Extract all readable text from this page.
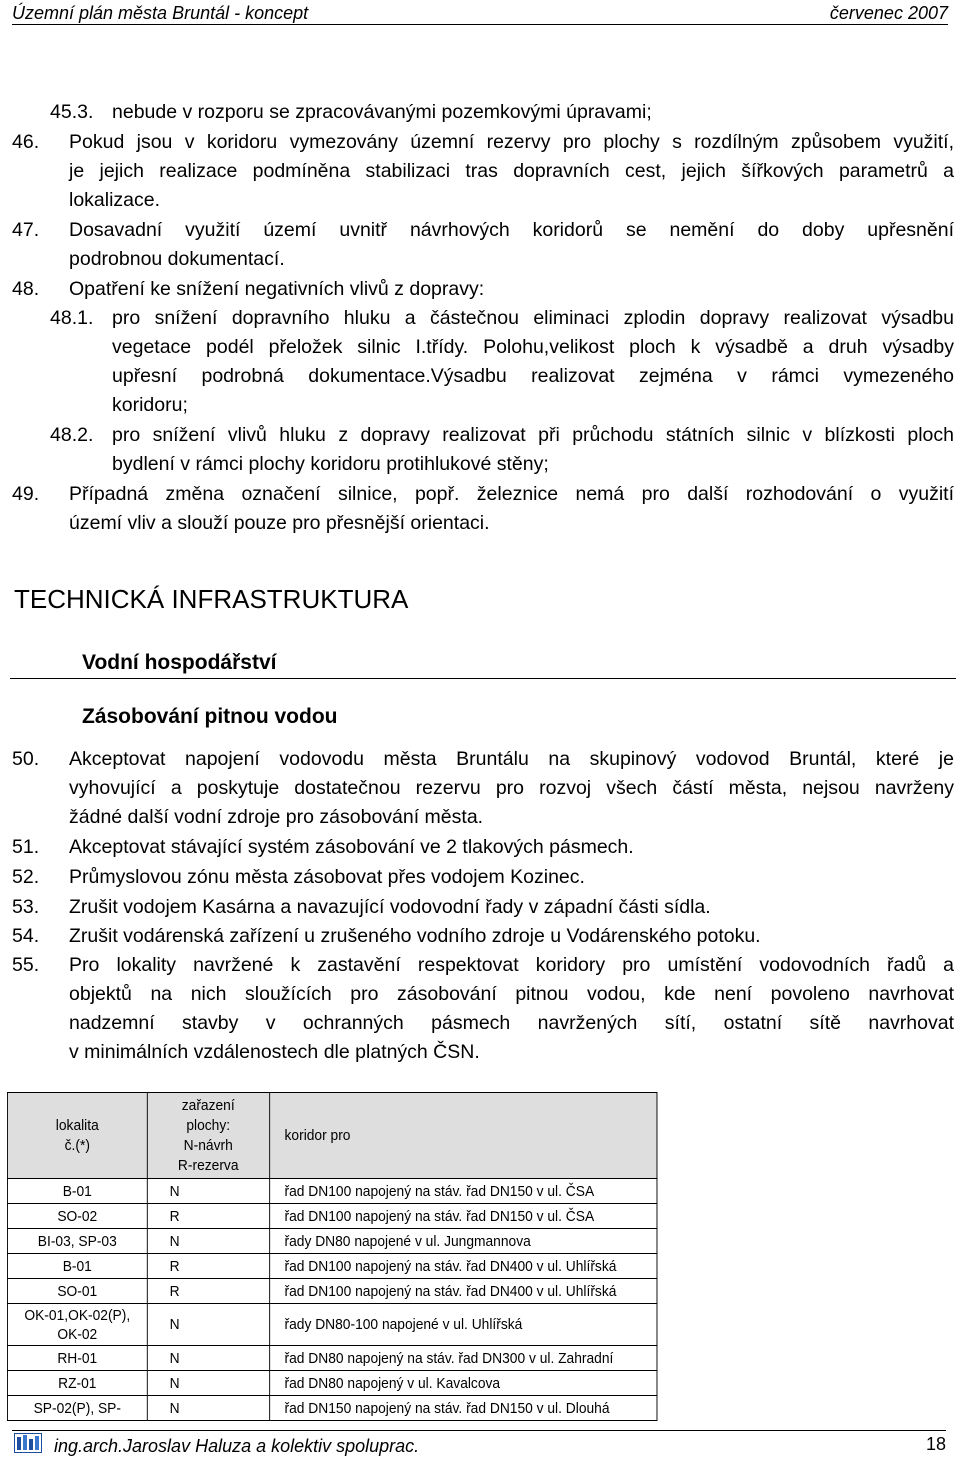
Územní plán města Bruntál - koncept	červenec 2007
45.3. nebude v rozporu se zpracovávanými pozemkovými úpravami;
46. Pokud jsou v koridoru vymezovány územní rezervy pro plochy s rozdílným způsobem využití,
je jejich realizace podmíněna stabilizaci tras dopravních cest, jejich šířkových parametrů a
lokalizace.
47. Dosavadní využití území uvnitř návrhových koridorů se nemění do doby upřesnění
podrobnou dokumentací.
48. Opatření ke snížení negativních vlivů z dopravy:
48.1. pro snížení dopravního hluku a částečnou eliminaci zplodin dopravy realizovat výsadbu
vegetace podél přeložek silnic I.třídy. Polohu,velikost ploch k výsadbě a druh výsadby
upřesní podrobná dokumentace.Výsadbu realizovat zejména v rámci vymezeného
koridoru;
48.2. pro snížení vlivů hluku z dopravy realizovat při průchodu státních silnic v blízkosti ploch
bydlení v rámci plochy koridoru protihlukové stěny;
49. Případná změna označení silnice, popř. železnice nemá pro další rozhodování o využití
území vliv a slouží pouze pro přesnější orientaci.
TECHNICKÁ INFRASTRUKTURA
Vodní hospodářství
Zásobování pitnou vodou
50. Akceptovat napojení vodovodu města Bruntálu na skupinový vodovod Bruntál, které je
vyhovující a poskytuje dostatečnou rezervu pro rozvoj všech částí města, nejsou navrženy
žádné další vodní zdroje pro zásobování města.
51. Akceptovat stávající systém zásobování ve 2 tlakových pásmech.
52. Průmyslovou zónu města zásobovat přes vodojem Kozinec.
53. Zrušit vodojem Kasárna a navazující vodovodní řady v západní části sídla.
54. Zrušit vodárenská zařízení u zrušeného vodního zdroje u Vodárenského potoku.
55. Pro lokality navržené k zastavění respektovat koridory pro umístění vodovodních řadů a
objektů na nich sloužících pro zásobování pitnou vodou, kde není povoleno navrhovat
nadzemní stavby v ochranných pásmech navržených sítí, ostatní sítě navrhovat
v minimálních vzdálenostech dle platných ČSN.
lokalita
č.(*)	zařazení
plochy:
N-návrh
R-rezerva	koridor pro
B-01	N	řad DN100 napojený na stáv. řad DN150 v ul. ČSA
SO-02	R	řad DN100 napojený na stáv. řad DN150 v ul. ČSA
BI-03, SP-03	N	řady DN80 napojené v ul. Jungmannova
B-01	R	řad DN100 napojený na stáv. řad DN400 v ul. Uhlířská
SO-01	R	řad DN100 napojený na stáv. řad DN400 v ul. Uhlířská
OK-01,OK-02(P),
OK-02	N	řady DN80-100 napojené v ul. Uhlířská
RH-01	N	řad DN80 napojený na stáv. řad DN300 v ul. Zahradní
RZ-01	N	řad DN80 napojený v ul. Kavalcova
SP-02(P), SP-	N	řad DN150 napojený na stáv. řad DN150 v ul. Dlouhá
ing.arch.Jaroslav Haluza a kolektiv spoluprac.	18
